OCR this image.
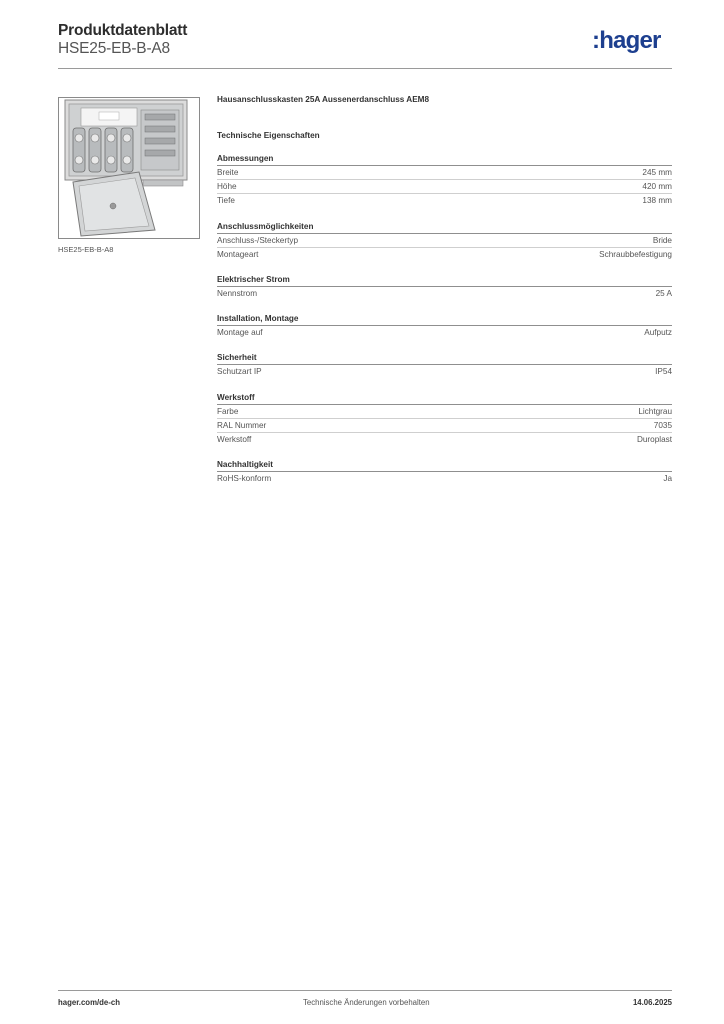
Produktdatenblatt
HSE25-EB-B-A8	:hager
HSE25-EB-B-A8
Hausanschlusskasten 25A Aussenerdanschluss AEM8
Technische Eigenschaften
Abmessungen
Breite	245 mm
Höhe	420 mm
Tiefe	138 mm
Anschlussmöglichkeiten
Anschluss-/Steckertyp	Bride
Montageart	Schraubbefestigung
Elektrischer Strom
Nennstrom	25 A
Installation, Montage
Montage auf	Aufputz
Sicherheit
Schutzart IP	IP54
Werkstoff
Farbe	Lichtgrau
RAL Nummer	7035
Werkstoff	Duroplast
Nachhaltigkeit
RoHS-konform	Ja
hager.com/de-ch	Technische Änderungen vorbehalten	14.06.2025
